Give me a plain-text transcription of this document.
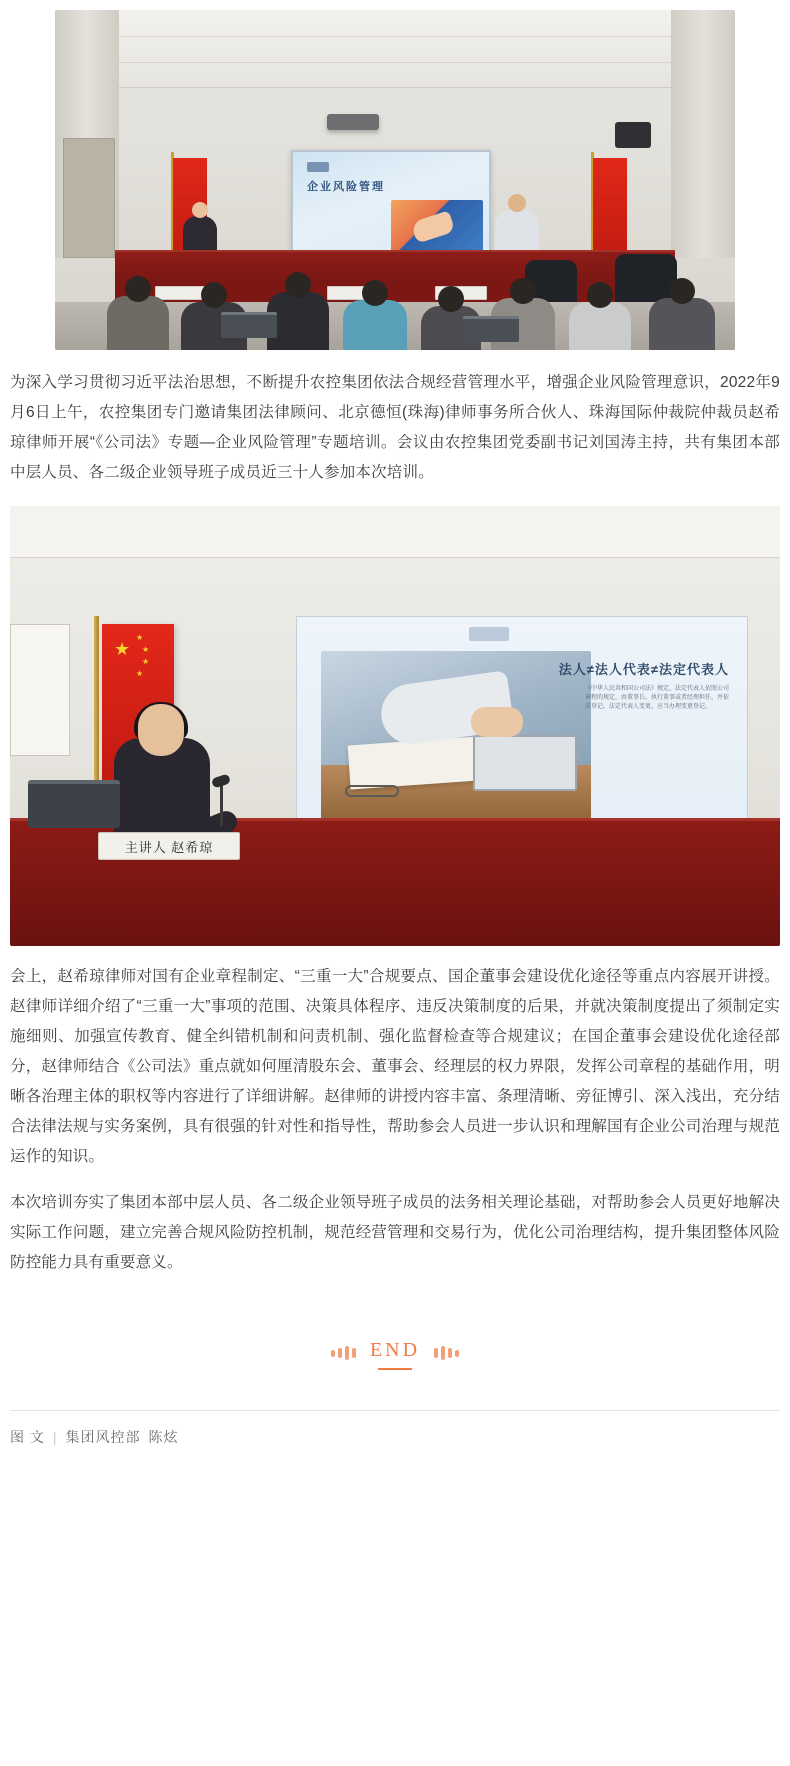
企业风险管理

为深入学习贯彻习近平法治思想，不断提升农控集团依法合规经营管理水平，增强企业风险管理意识，2022年9月6日上午，农控集团专门邀请集团法律顾问、北京德恒(珠海)律师事务所合伙人、珠海国际仲裁院仲裁员赵希琼律师开展“《公司法》专题—企业风险管理”专题培训。会议由农控集团党委副书记刘国涛主持，共有集团本部中层人员、各二级企业领导班子成员近三十人参加本次培训。

法人≠法人代表≠法定代表人
《中华人民共和国公司法》规定，法定代表人依照公司章程的规定，由董事长、执行董事或者经理担任，并依法登记。法定代表人变更，应当办理变更登记。
★
★
★
★
★
主讲人 赵希琼

会上，赵希琼律师对国有企业章程制定、“三重一大”合规要点、国企董事会建设优化途径等重点内容展开讲授。赵律师详细介绍了“三重一大”事项的范围、决策具体程序、违反决策制度的后果，并就决策制度提出了须制定实施细则、加强宣传教育、健全纠错机制和问责机制、强化监督检查等合规建议；在国企董事会建设优化途径部分，赵律师结合《公司法》重点就如何厘清股东会、董事会、经理层的权力界限，发挥公司章程的基础作用，明晰各治理主体的职权等内容进行了详细讲解。赵律师的讲授内容丰富、条理清晰、旁征博引、深入浅出，充分结合法律法规与实务案例，具有很强的针对性和指导性，帮助参会人员进一步认识和理解国有企业公司治理与规范运作的知识。

本次培训夯实了集团本部中层人员、各二级企业领导班子成员的法务相关理论基础，对帮助参会人员更好地解决实际工作问题，建立完善合规风险防控机制，规范经营管理和交易行为，优化公司治理结构，提升集团整体风险防控能力具有重要意义。

END
图 文 | 集团风控部 陈炫
